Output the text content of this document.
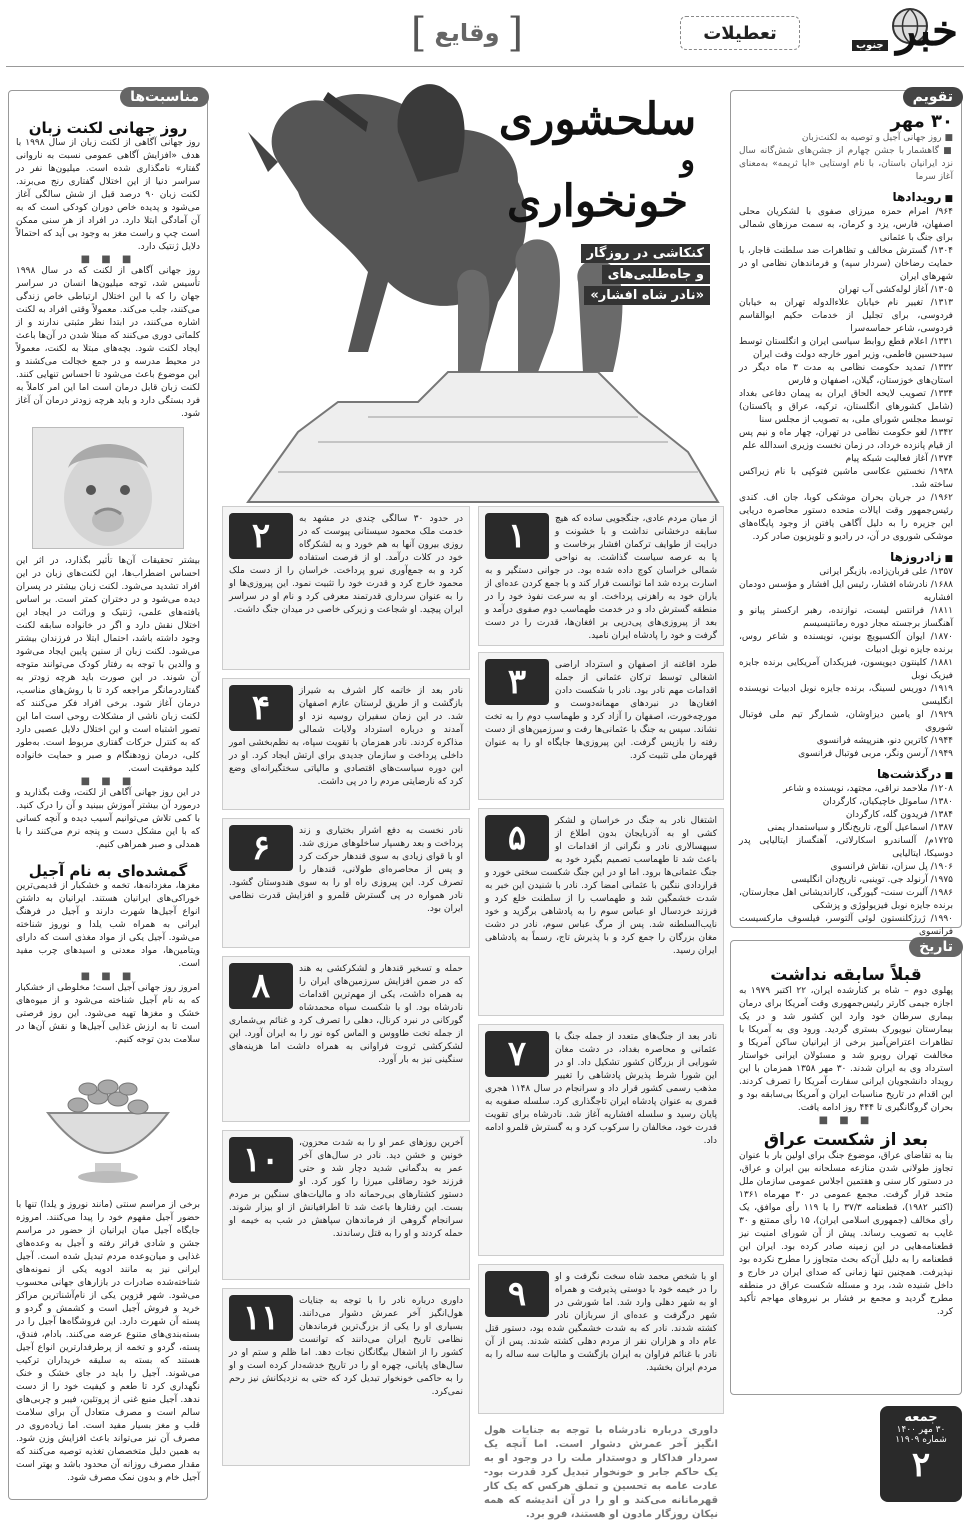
خبر
جنوب
تعطیلات
[
وقایع
]
تقویم
۳۰ مهر
■ روز جهانی آجیل و توصیه به لکنت‌زبان
■ گاهشمار با جشن چهارم از جشن‌های شش‌گانه سال نزد ایرانیان باستان، با نام اوستایی «ایا ثریمه» به‌معنای آغاز سرما
■ رویدادها
۹۶۴/ امرام حمزه میرزای صفوی با لشکریان محلی اصفهان، فارس، یزد و کرمان، به سمت مرزهای شمالی برای جنگ با عثمانی
۱۳۰۴/ گسترش مخالف و تظاهرات ضد سلطنت قاجار، با حمایت رضاخان (سردار سپه) و فرماندهان نظامی او در شهرهای ایران
۱۳۰۵/ آغاز لوله‌کشی آب تهران
۱۳۱۳/ تغییر نام خیابان علاءالدوله تهران به خیابان فردوسی، برای تجلیل از خدمات حکیم ابوالقاسم فردوسی، شاعر حماسه‌سرا
۱۳۳۱/ اعلام قطع روابط سیاسی ایران و انگلستان توسط سیدحسین فاطمی، وزیر امور خارجه دولت وقت ایران
۱۳۳۲/ تمدید حکومت نظامی به مدت ۳ ماه دیگر در استان‌های خوزستان، گیلان، اصفهان و فارس
۱۳۳۴/ تصویب لایحه الحاق ایران به پیمان دفاعی بغداد (شامل کشورهای انگلستان، ترکیه، عراق و پاکستان) توسط مجلس شورای ملی، به تصویب از مجلس سنا
۱۳۴۲/ لغو حکومت نظامی در تهران، چهار ماه و نیم پس از قیام پانزده خرداد، در زمان نخست وزیری اسدالله علم
۱۳۷۴/ آغاز فعالیت شبکه پیام
۱۹۳۸/ نخستین عکاسی ماشین فتوکپی با نام زیراکس ساخته شد.
۱۹۶۲/ در جریان بحران موشکی کوبا، جان اف. کندی رئیس‌جمهور وقت ایالات متحده دستور محاصره دریایی این جزیره را به دلیل آگاهی یافتن از وجود پایگاه‌های موشکی شوروی در آن، در رادیو و تلویزیون صادر کرد.
■ زادروزها
۱۳۵۷/ علی قربان‌زاده، بازیگر ایرانی
۱۶۸۸/ نادرشاه افشار، رئیس ایل افشار و مؤسس دودمان افشاریه
۱۸۱۱/ فرانتس لیست، نوازنده، رهبر ارکستر پیانو و آهنگساز برجسته مجار دوره رمانتیسیسم
۱۸۷۰/ ایوان آلکسیویچ بونین، نویسنده و شاعر روس، برنده جایزه نوبل ادبیات
۱۸۸۱/ کلینتون دیویسون، فیزیکدان آمریکایی برنده جایزه فیزیک نوبل
۱۹۱۹/ دوریس لسینگ، برنده جایزه نوبل ادبیات نویسنده انگلیسی
۱۹۲۹/ او یامین دیزاوشان، شمارگر تیم ملی فوتبال شوروی
۱۹۴۴/ کاترین دنو، هنرپیشه فرانسوی
۱۹۴۹/ آرسن ونگر، مربی فوتبال فرانسوی
■ درگذشت‌ها
۱۲۰۸/ ملاحمد نراقی، مجتهد، نویسنده و شاعر
۱۳۸۰/ ساموئل خاچیکیان، کارگردان
۱۳۸۴/ فریدون گله، کارگردان
۱۳۸۷/ اسماعیل آلوج، تاریخ‌نگار و سیاستمدار یمنی
۱۷۲۵م/ آلساندرو اسکارلاتی، آهنگساز ایتالیایی پدر دوسیکا، ایتالیایی
۱۹۰۶/ پل سزان، نقاش فرانسوی
۱۹۷۵/ آرنولد جی. توینبی، تاریخ‌دان انگلیسی
۱۹۸۶/ آلبرت سنت- گیورگی، کار‌اندیشانی اهل مجارستان، برنده جایزه نوبل فیزیولوژی و پزشکی
۱۹۹۰/ ژرژکلنستون لوئی آلتوسر، فیلسوف مارکسیست فرانسوی
تاریخ
قبلاً سابقه نداشت
پهلوی دوم – شاه بر کنارشده ایران، ۲۲ اکتبر ۱۹۷۹ به اجازه جیمی کارتر رئیس‌جمهوری وقت آمریکا برای درمان بیماری سرطان خود وارد این کشور شد و در یک بیمارستان نیویورک بستری گردید. ورود وی به آمریکا با تظاهرات اعتراض‌آمیز برخی از ایرانیان ساکن آمریکا و مخالفت تهران روبرو شد و مسئولان ایرانی خواستار استرداد وی به ایران شدند. ۳۰ مهر ۱۳۵۸ همزمان با این رویداد دانشجویان ایرانی سفارت آمریکا را تصرف کردند. این اقدام در تاریخ مناسبات ایران و آمریکا بی‌سابقه بود و بحران گروگانگیری تا ۴۴۴ روز ادامه یافت.
■ ■ ■
بعد از شکست عراق
بنا به تقاضای عراق، موضوع جنگ برای اولین بار با عنوان تجاوز طولانی شدن منازعه مسلحانه بین ایران و عراق، در دستور کار سنی و هفتمین اجلاس عمومی سازمان ملل متحد قرار گرفت. مجمع عمومی در ۳۰ مهرماه ۱۳۶۱ (اکتبر ۱۹۸۲)، قطعنامه ۳۷/۳ را با ۱۱۹ رأی موافق، یک رأی مخالف (جمهوری اسلامی ایران)، ۱۵ رأی ممتنع و ۳۰ غایب به تصویب رساند. پیش از آن شورای امنیت نیز قطعنامه‌هایی در این زمینه صادر کرده بود. ایران این قطعنامه را به دلیل آن‌که بحث متجاوز را مطرح نکرده بود نپذیرفت. همچنین تنها زمانی که صدای ایران در خارج و داخل شنیده شد، برد و مسئله شکست عراق در منطقه مطرح گردید و مجمع بر فشار بر نیروهای مهاجم تأکید کرد.
جمعه
۳۰ مهر ۱۴۰۰
شماره ۱۱۹۰۹
۲
مناسبت‌ها
روز جهانی لکنت زبان
روز جهانی آگاهی از لکنت زبان از سال ۱۹۹۸ با هدف «افزایش آگاهی عمومی نسبت به ناروانی گفتار» نامگذاری شده است. میلیون‌ها نفر در سراسر دنیا از این اختلال گفتاری رنج می‌برند. لکنت زبان ۹۰ درصد قبل از شش سالگی آغاز می‌شود و پدیده خاص دوران کودکی است که به آن آمادگی ابتلا دارد. در افراد از هر سنی ممکن است چپ و راست مغز به وجود بی آید که احتمالاً دلایل ژنتیک دارد.
■ ■ ■
روز جهانی آگاهی از لکنت که در سال ۱۹۹۸ تأسیس شد، توجه میلیون‌ها انسان در سراسر جهان را که با این اختلال ارتباطی خاص زندگی می‌کنند، جلب می‌کند. معمولاً وقتی افراد به لکنت اشاره می‌کنند، در ابتدا نظر مثبتی ندارند و از کلماتی دوری می‌کنند که مبتلا شدن در آن‌ها باعث ایجاد لکنت شود. بچه‌های مبتلا به لکنت، معمولاً در محیط مدرسه و در جمع خجالت می‌کشند و این موضوع باعث می‌شود تا احساس تنهایی کنند. لکنت زبان قابل درمان است اما این امر کاملاً به فرد بستگی دارد و باید هرچه زودتر درمان آن آغاز شود.
بیشتر تحقیقات آن‌ها تأثیر بگذارد، در اثر این احساس اضطراب‌ها، این لکنت‌های زبان در این افراد تشدید می‌شود. لکنت زبان بیشتر در پسران دیده می‌شود و در دختران کمتر است. بر اساس یافته‌های علمی، ژنتیک و وراثت در ایجاد این اختلال نقش دارد و اگر در خانواده سابقه لکنت وجود داشته باشد، احتمال ابتلا در فرزندان بیشتر می‌شود. لکنت زبان از سنین پایین ایجاد می‌شود و والدین با توجه به رفتار کودک می‌توانند متوجه آن شوند. در این صورت باید هرچه زودتر به گفتاردرمانگر مراجعه کرد تا با روش‌های مناسب، درمان آغاز شود. برخی افراد فکر می‌کنند که لکنت زبان ناشی از مشکلات روحی است اما این تصور اشتباه است و این اختلال دلایل عصبی دارد که به کنترل حرکات گفتاری مربوط است. به‌طور کلی، درمان زودهنگام و صبر و حمایت خانواده کلید موفقیت است.
■ ■ ■
در این روز جهانی آگاهی از لکنت، وقت بگذارید و درمورد آن بیشتر آموزش ببینید و آن را درک کنید. با کمی تلاش می‌توانیم آسیب دیده و آنچه کسانی که با این مشکل دست و پنجه نرم می‌کنند را با همدلی و صبر همراهی کنیم.
گمشده‌ای به نام آجیل
مغزها، مغزدانه‌ها، تخمه و خشکبار از قدیمی‌ترین خوراکی‌های ایرانیان هستند. ایرانیان به داشتن انواع آجیل‌ها شهرت دارند و آجیل در فرهنگ ایرانی به همراه شب یلدا و نوروز شناخته می‌شود. آجیل یکی از مواد مغذی است که دارای ویتامین‌ها، مواد معدنی و اسیدهای چرب مفید است.
■ ■ ■
امروز روز جهانی آجیل است؛ مخلوطی از خشکبار که به نام آجیل شناخته می‌شود و از میوه‌های خشک و مغزها تهیه می‌شود. این روز فرصتی است تا به ارزش غذایی آجیل‌ها و نقش آن‌ها در سلامت بدن توجه کنیم.
برخی از مراسم سنتی (مانند نوروز و یلدا) تنها با حضور آجیل مفهوم خود را پیدا می‌کنند. امروزه جایگاه آجیل میان ایرانیان از حضور در مراسم جشن و شادی فراتر رفته و آجیل به وعده‌های غذایی و میان‌وعده مردم تبدیل شده است. آجیل ایرانی نیز به مانند ادویه یکی از نمونه‌های شناخته‌شده صادرات در بازارهای جهانی محسوب می‌شود. شهر قزوین یکی از نام‌آشناترین مراکز خرید و فروش آجیل است و کشمش و گردو و پسته آن شهرت دارد. این فروشگاه‌ها آجیل را در بسته‌بندی‌های متنوع عرضه می‌کنند. بادام، فندق، پسته، گردو و تخمه از پرطرفدارترین انواع آجیل هستند که بسته به سلیقه خریداران ترکیب می‌شوند. آجیل را باید در جای خشک و خنک نگهداری کرد تا طعم و کیفیت خود را از دست ندهد. آجیل منبع غنی از پروتئین، فیبر و چربی‌های سالم است و مصرف متعادل آن برای سلامت قلب و مغز بسیار مفید است. اما زیاده‌روی در مصرف آن نیز می‌تواند باعث افزایش وزن شود. به همین دلیل متخصصان تغذیه توصیه می‌کنند که مقدار مصرف روزانه آن محدود باشد و بهتر است آجیل خام و بدون نمک مصرف شود.
سلحشوری
و
خونخواری
کنکاشی در روزگار
و جاه‌طلبی‌های
«نادر شاه افشار»
۱	از میان مردم عادی، جنگجویی ساده که هیچ سابقه درخشانی نداشت و با خشونت و درایت از طوایف ترکمان افشار برخاست و پا به عرصه سیاست گذاشت. به نواحی شمالی خراسان کوچ داده شده بود. در جوانی دستگیر و به اسارت برده شد اما توانست فرار کند و با جمع کردن عده‌ای از یاران خود به راهزنی پرداخت. او به سرعت نفوذ خود را در منطقه گسترش داد و در خدمت طهماسب دوم صفوی درآمد و بعد از پیروزی‌های پی‌درپی بر افغان‌ها، قدرت را در دست گرفت و خود را پادشاه ایران نامید.
۳	طرد افاغنه از اصفهان و استرداد اراضی اشغالی توسط ترکان عثمانی از جمله اقدامات مهم نادر بود. نادر با شکست دادن افغان‌ها در نبردهای مهمانه‌دوست و مورچه‌خورت، اصفهان را آزاد کرد و طهماسب دوم را به تخت نشاند. سپس به جنگ با عثمانی‌ها رفت و سرزمین‌های از دست رفته را بازپس گرفت. این پیروزی‌ها جایگاه او را به عنوان قهرمان ملی تثبیت کرد.
۵	اشتغال نادر به جنگ در خراسان و لشکر کشی او به آذربایجان بدون اطلاع از سپهسالاری نادر و نگرانی از اقدامات او باعث شد تا طهماسب تصمیم بگیرد خود به جنگ عثمانی‌ها برود. اما او در این جنگ شکست سختی خورد و قراردادی ننگین با عثمانی امضا کرد. نادر با شنیدن این خبر به شدت خشمگین شد و طهماسب را از سلطنت خلع کرد و فرزند خردسال او عباس سوم را به پادشاهی برگزید و خود نایب‌السلطنه شد. پس از مرگ عباس سوم، نادر در دشت مغان بزرگان را جمع کرد و با پذیرش تاج، رسماً به پادشاهی ایران رسید.
۷	نادر بعد از جنگ‌های متعدد از جمله جنگ با عثمانی و محاصره بغداد، در دشت مغان شورایی از بزرگان کشور تشکیل داد. او در این شورا شرط پذیرش پادشاهی را تغییر مذهب رسمی کشور قرار داد و سرانجام در سال ۱۱۴۸ هجری قمری به عنوان پادشاه ایران تاجگذاری کرد. سلسله صفویه به پایان رسید و سلسله افشاریه آغاز شد. نادرشاه برای تقویت قدرت خود، مخالفان را سرکوب کرد و به گسترش قلمرو ادامه داد.
۹	او با شخص محمد شاه سخت نگرفت و او را در خیمه خود با دوستی پذیرفت و همراه او به شهر دهلی وارد شد. اما شورشی در شهر درگرفت و عده‌ای از سربازان نادر کشته شدند. نادر که به شدت خشمگین شده بود، دستور قتل عام داد و هزاران نفر از مردم دهلی کشته شدند. پس از آن نادر با غنائم فراوان به ایران بازگشت و مالیات سه ساله را به مردم ایران بخشید.
۲	در حدود ۳۰ سالگی چندی در مشهد به خدمت ملک محمود سیستانی پیوست که در روزی بیرون آنها به هم خورد و به لشکرگاه خود در کلات درآمد. او از فرصت استفاده کرد و به جمع‌آوری نیرو پرداخت. خراسان را از دست ملک محمود خارج کرد و قدرت خود را تثبیت نمود. این پیروزی‌ها او را به عنوان سرداری قدرتمند معرفی کرد و نام او در سراسر ایران پیچید. او شجاعت و زیرکی خاصی در میدان جنگ داشت.
۴	نادر بعد از خاتمه کار اشرف به شیراز بازگشت و از طریق لرستان عازم اصفهان شد. در این زمان سفیران روسیه نزد او آمدند و درباره استرداد ولایات شمالی مذاکره کردند. نادر همزمان با تقویت سپاه، به نظم‌بخشی امور داخلی پرداخت و سازمان جدیدی برای ارتش ایجاد کرد. او در این دوره سیاست‌های اقتصادی و مالیاتی سختگیرانه‌ای وضع کرد که نارضایتی مردم را در پی داشت.
۶	نادر نخست به دفع اشرار بختیاری و زند پرداخت و بعد رهسپار ساخلوهای مرزی شد. او با قوای زیادی به سوی قندهار حرکت کرد و پس از محاصره‌ای طولانی، قندهار را تصرف کرد. این پیروزی راه او را به سوی هندوستان گشود. نادر همواره در پی گسترش قلمرو و افزایش قدرت نظامی ایران بود.
۸	حمله و تسخیر قندهار و لشکرکشی به هند که در ضمن افزایش سرزمین‌های ایران را به همراه داشت، یکی از مهم‌ترین اقدامات نادرشاه بود. او با شکست سپاه محمدشاه گورکانی در نبرد کرنال، دهلی را تصرف کرد و غنائم بی‌شماری از جمله تخت طاووس و الماس کوه نور را به ایران آورد. این لشکرکشی ثروت فراوانی به همراه داشت اما هزینه‌های سنگینی نیز به بار آورد.
۱۰	آخرین روزهای عمر او را به شدت محزون، خونین و خشن دید. نادر در سال‌های آخر عمر به بدگمانی شدید دچار شد و حتی فرزند خود رضاقلی میرزا را کور کرد. او دستور کشتارهای بی‌رحمانه داد و مالیات‌های سنگین بر مردم بست. این رفتارها باعث شد تا اطرافیانش از او بیزار شوند. سرانجام گروهی از فرماندهان سپاهش در شب به خیمه او حمله کردند و او را به قتل رساندند.
۱۱	داوری درباره نادر را با توجه به جنایات هول‌انگیز آخر عمرش دشوار می‌دانند. بسیاری او را یکی از بزرگ‌ترین فرماندهان نظامی تاریخ ایران می‌دانند که توانست کشور را از اشغال بیگانگان نجات دهد. اما ظلم و ستم او در سال‌های پایانی، چهره او را در تاریخ خدشه‌دار کرده است و او را به حاکمی خونخوار تبدیل کرد که حتی به نزدیکانش نیز رحم نمی‌کرد.
داوری درباره نادرشاه با توجه به جنایات هول انگیز آخر عمرش دشوار است. اما آنچه یک سردار فداکار و دوستدار ملت را در وجود او به یک حاکم جابر و خونخوار تبدیل کرد قدرت بود- عادت عامه به تحسین و تملق هرکس که یک کار قهرمانانه می‌کند و او را در آن اندیشه که همه نیکان روزگار مادون او هستند، فرو برد.
